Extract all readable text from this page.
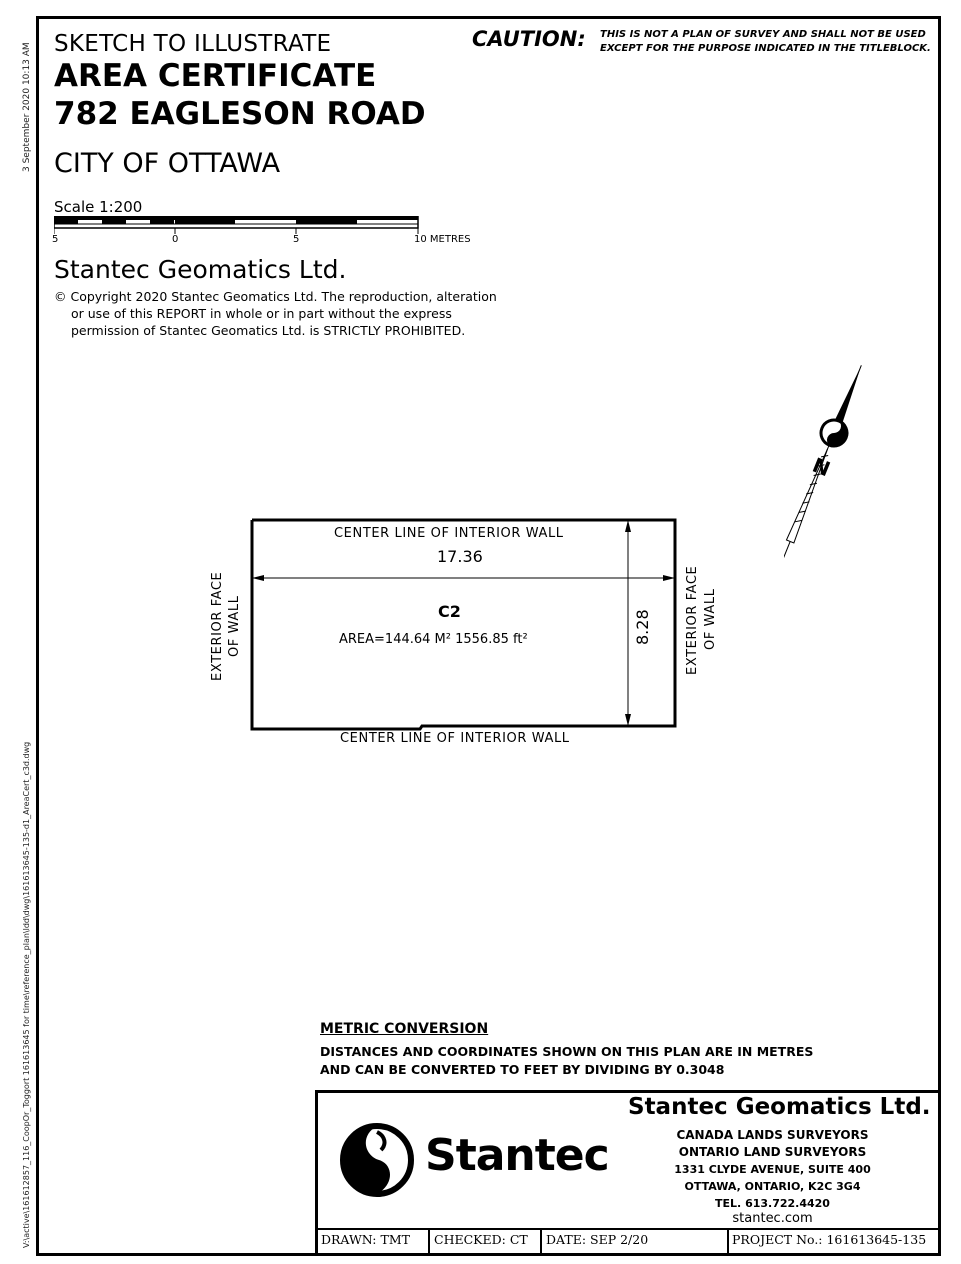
3 September 2020 10:13 AM
V:\active\161612857_116_CoopOr_Toggort 161613645 for time\reference_plan\ldd\dwg\161613645-135-d1_AreaCert_c3d.dwg
SKETCH TO ILLUSTRATE
AREA CERTIFICATE
782 EAGLESON ROAD
CITY OF OTTAWA
CAUTION: THIS IS NOT A PLAN OF SURVEY AND SHALL NOT BE USED
EXCEPT FOR THE PURPOSE INDICATED IN THE TITLEBLOCK.
Scale 1:200
5	0	5	10 METRES
Stantec Geomatics Ltd.
© Copyright 2020 Stantec Geomatics Ltd. The reproduction, alteration
or use of this REPORT in whole or in part without the express
permission of Stantec Geomatics Ltd. is STRICTLY PROHIBITED.
N
CENTER LINE OF INTERIOR WALL
17.36
C2
AREA=144.64 M² 1556.85 ft²	8.28
CENTER LINE OF INTERIOR WALL
EXTERIOR FACE OF WALL	EXTERIOR FACE OF WALL
METRIC CONVERSION
DISTANCES AND COORDINATES SHOWN ON THIS PLAN ARE IN METRES
AND CAN BE CONVERTED TO FEET BY DIVIDING BY 0.3048
Stantec
Stantec Geomatics Ltd.
CANADA LANDS SURVEYORS
ONTARIO LAND SURVEYORS
1331 CLYDE AVENUE, SUITE 400
OTTAWA, ONTARIO, K2C 3G4
TEL. 613.722.4420
stantec.com
DRAWN: TMT CHECKED: CT DATE: SEP 2/20	PROJECT No.: 161613645-135
